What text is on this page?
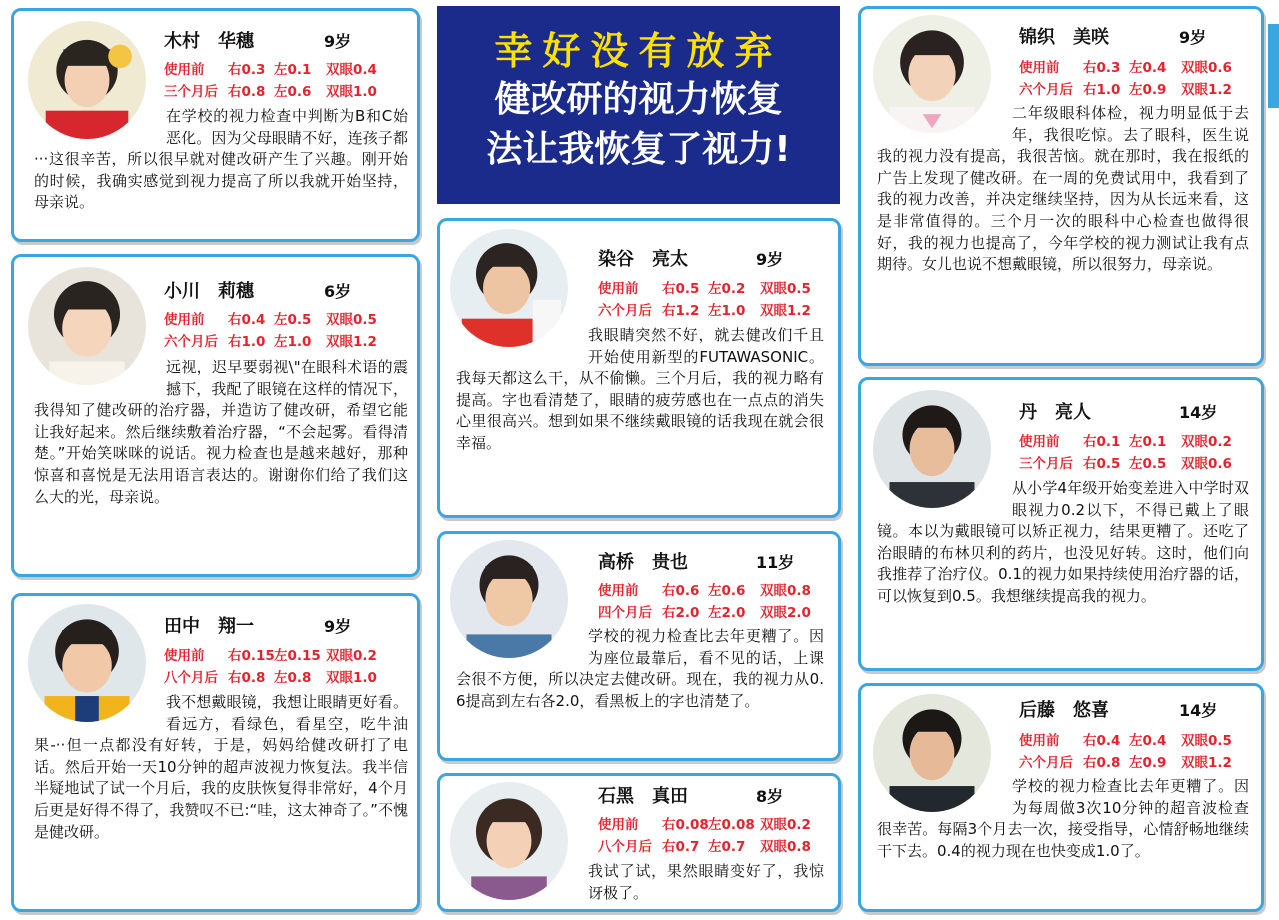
幸好没有放弃
健改研的视力恢复
法让我恢复了视力!
木村　华穗	9岁
使用前 右0.3 左0.1 双眼0.4
三个月后 右0.8 左0.6 双眼1.0
在学校的视力检查中判断为B和C始恶化。因为父母眼睛不好，连孩子都···这很辛苦，所以很早就对健改研产生了兴趣。刚开始的时候，我确实感觉到视力提高了所以我就开始坚持，母亲说。
小川　莉穗	6岁
使用前 右0.4 左0.5 双眼0.5
六个月后 右1.0 左1.0 双眼1.2
远视，迟早要弱视\"在眼科术语的震撼下，我配了眼镜在这样的情况下，我得知了健改研的治疗器，并造访了健改研，希望它能让我好起来。然后继续敷着治疗器，“不会起雾。看得清楚。”开始笑咪咪的说话。视力检查也是越来越好，那种惊喜和喜悦是无法用语言表达的。谢谢你们给了我们这么大的光，母亲说。
田中　翔一	9岁
使用前 右0.15左0.15 双眼0.2
八个月后 右0.8 左0.8 双眼1.0
我不想戴眼镜，我想让眼睛更好看。看远方，看绿色，看星空，吃牛油果-··但一点都没有好转，于是，妈妈给健改研打了电话。然后开始一天10分钟的超声波视力恢复法。我半信半疑地试了试一个月后，我的皮肤恢复得非常好，4个月后更是好得不得了，我赞叹不已:“哇，这太神奇了。”不愧是健改研。
染谷　亮太	9岁
使用前 右0.5 左0.2 双眼0.5
六个月后 右1.2 左1.0 双眼1.2
我眼睛突然不好，就去健改们千且开始使用新型的FUTAWASONIC。我每天都这么干，从不偷懒。三个月后，我的视力略有提高。字也看清楚了，眼睛的疲劳感也在一点点的消失心里很高兴。想到如果不继续戴眼镜的话我现在就会很幸福。
高桥　贵也	11岁
使用前 右0.6 左0.6 双眼0.8
四个月后 右2.0 左2.0 双眼2.0
学校的视力检查比去年更糟了。因为座位最靠后，看不见的话，上课会很不方便，所以决定去健改研。现在，我的视力从0.6提高到左右各2.0，看黑板上的字也清楚了。
石黑　真田	8岁
使用前 右0.08左0.08 双眼0.2
八个月后 右0.7 左0.7 双眼0.8
我试了试，果然眼睛变好了，我惊讶极了。
锦织　美咲	9岁
使用前 右0.3 左0.4 双眼0.6
六个月后 右1.0 左0.9 双眼1.2
二年级眼科体检，视力明显低于去年，我很吃惊。去了眼科，医生说我的视力没有提高，我很苦恼。就在那时，我在报纸的广告上发现了健改研。在一周的免费试用中，我看到了我的视力改善，并决定继续坚持，因为从长远来看，这是非常值得的。三个月一次的眼科中心检查也做得很好，我的视力也提高了，今年学校的视力测试让我有点期待。女儿也说不想戴眼镜，所以很努力，母亲说。
丹　亮人	14岁
使用前 右0.1 左0.1 双眼0.2
三个月后 右0.5 左0.5 双眼0.6
从小学4年级开始变差进入中学时双眼视力0.2以下，不得已戴上了眼镜。本以为戴眼镜可以矫正视力，结果更糟了。还吃了治眼睛的布林贝利的药片，也没见好转。这时，他们向我推荐了治疗仪。0.1的视力如果持续使用治疗器的话，可以恢复到0.5。我想继续提高我的视力。
后藤　悠喜	14岁
使用前 右0.4 左0.4 双眼0.5
六个月后 右0.8 左0.9 双眼1.2
学校的视力检查比去年更糟了。因为每周做3次10分钟的超音波检查很幸苦。每隔3个月去一次，接受指导，心情舒畅地继续干下去。0.4的视力现在也快变成1.0了。
